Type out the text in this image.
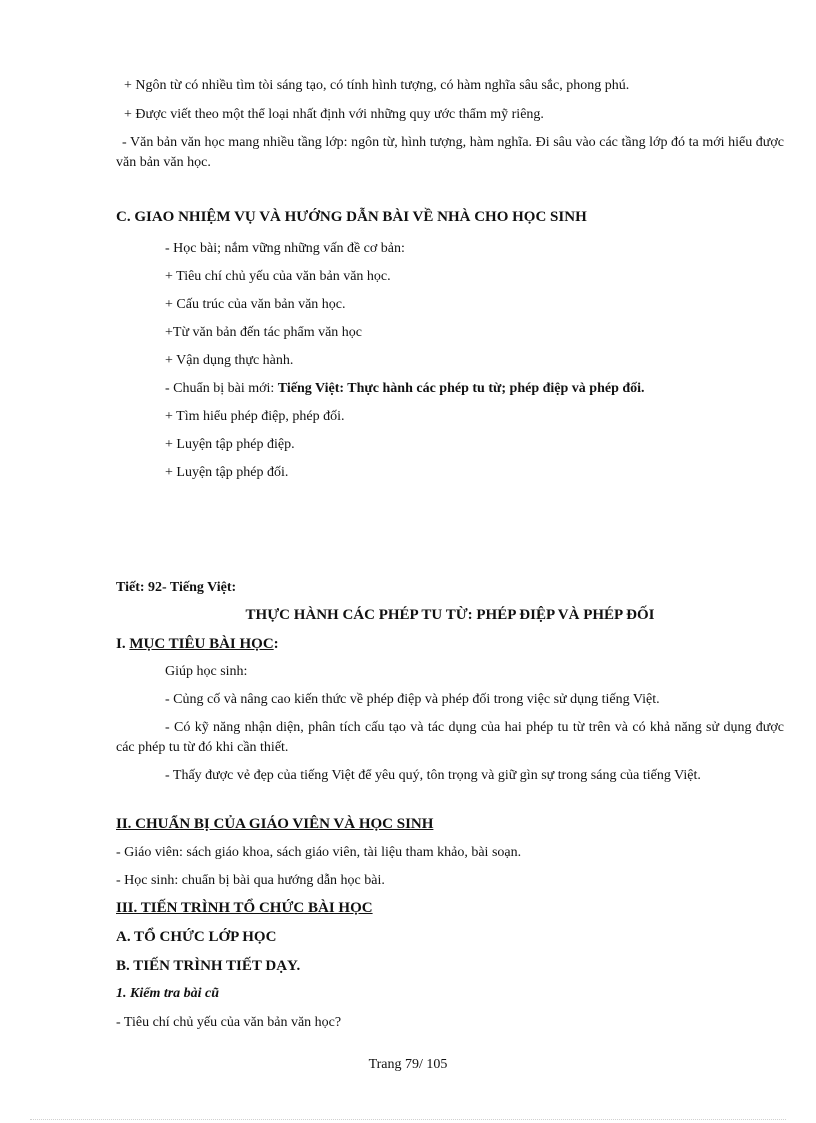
+ Ngôn từ có nhiều tìm tòi sáng tạo, có tính hình tượng, có hàm nghĩa sâu sắc, phong phú.
+ Được viết theo một thể loại nhất định với những quy ước thẩm mỹ riêng.
- Văn bản văn học mang nhiều tầng lớp: ngôn từ, hình tượng, hàm nghĩa. Đi sâu vào các tầng lớp đó ta mới hiểu được văn bản văn học.
C. GIAO NHIỆM VỤ VÀ HƯỚNG DẪN BÀI VỀ NHÀ CHO HỌC SINH
- Học bài; nắm vững những vấn đề cơ bản:
+ Tiêu chí chủ yếu của văn bản văn học.
+ Cấu trúc của văn bản văn học.
+Từ văn bản đến tác phẩm văn học
+ Vận dụng thực hành.
- Chuẩn bị bài mới: Tiếng Việt: Thực hành các phép tu từ; phép điệp và phép đối.
+ Tìm hiểu phép điệp, phép đối.
+ Luyện tập phép điệp.
+ Luyện tập phép đối.
Tiết: 92- Tiếng Việt:
THỰC HÀNH CÁC PHÉP TU TỪ: PHÉP ĐIỆP VÀ PHÉP ĐỐI
I. MỤC TIÊU BÀI HỌC:
Giúp học sinh:
- Củng cố và nâng cao kiến thức về phép điệp và phép đối trong việc sử dụng tiếng Việt.
- Có kỹ năng nhận diện, phân tích cấu tạo và tác dụng của hai phép tu từ trên và có khả năng sử dụng được các phép tu từ đó khi cần thiết.
- Thấy được vẻ đẹp của tiếng Việt để yêu quý, tôn trọng và giữ gìn sự trong sáng của tiếng Việt.
II. CHUẨN BỊ CỦA GIÁO VIÊN VÀ HỌC SINH
- Giáo viên: sách giáo khoa, sách giáo viên, tài liệu tham khảo, bài soạn.
- Học sinh: chuẩn bị bài qua hướng dẫn học bài.
III. TIẾN TRÌNH TỔ CHỨC BÀI HỌC
A. TỔ CHỨC LỚP HỌC
B. TIẾN TRÌNH TIẾT DẠY.
1. Kiểm tra bài cũ
- Tiêu chí chủ yếu của văn bản văn học?
Trang 79/ 105
